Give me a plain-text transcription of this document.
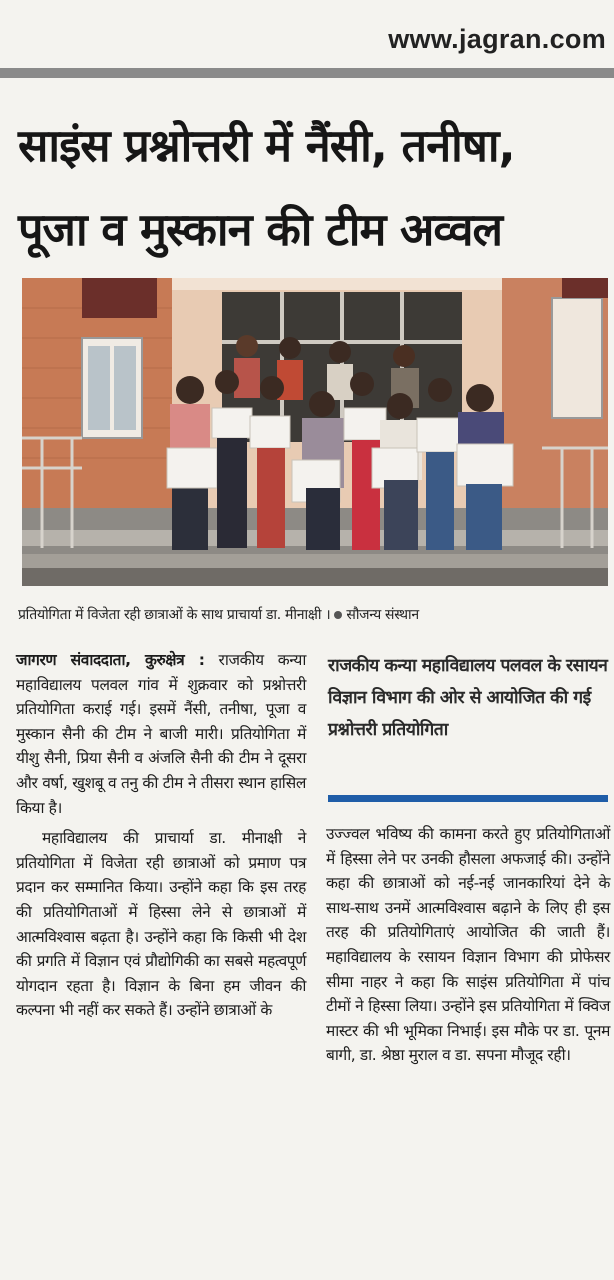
www.jagran.com
साइंस प्रश्नोत्तरी में नैंसी, तनीषा,
पूजा व मुस्कान की टीम अव्वल
प्रतियोगिता में विजेता रही छात्राओं के साथ प्राचार्या डा. मीनाक्षी । सौजन्य संस्थान

जागरण संवाददाता, कुरुक्षेत्र : राजकीय कन्या महाविद्यालय पलवल गांव में शुक्रवार को प्रश्नोत्तरी प्रतियोगिता कराई गई। इसमें नैंसी, तनीषा, पूजा व मुस्कान सैनी की टीम ने बाजी मारी। प्रतियोगिता में यीशु सैनी, प्रिया सैनी व अंजलि सैनी की टीम ने दूसरा और वर्षा, खुशबू व तनु की टीम ने तीसरा स्थान हासिल किया है।

महाविद्यालय की प्राचार्या डा. मीनाक्षी ने प्रतियोगिता में विजेता रही छात्राओं को प्रमाण पत्र प्रदान कर सम्मानित किया। उन्होंने कहा कि इस तरह की प्रतियोगिताओं में हिस्सा लेने से छात्राओं में आत्मविश्वास बढ़ता है। उन्होंने कहा कि किसी भी देश की प्रगति में विज्ञान एवं प्रौद्योगिकी का सबसे महत्वपूर्ण योगदान रहता है। विज्ञान के बिना हम जीवन की कल्पना भी नहीं कर सकते हैं। उन्होंने छात्राओं के

राजकीय कन्या महाविद्यालय पलवल के रसायन विज्ञान विभाग की ओर से आयोजित की गई प्रश्नोत्तरी प्रतियोगिता

उज्ज्वल भविष्य की कामना करते हुए प्रतियोगिताओं में हिस्सा लेने पर उनकी हौसला अफजाई की। उन्होंने कहा की छात्राओं को नई-नई जानकारियां देने के साथ-साथ उनमें आत्मविश्वास बढ़ाने के लिए ही इस तरह की प्रतियोगिताएं आयोजित की जाती हैं। महाविद्यालय के रसायन विज्ञान विभाग की प्रोफेसर सीमा नाहर ने कहा कि साइंस प्रतियोगिता में पांच टीमों ने हिस्सा लिया। उन्होंने इस प्रतियोगिता में क्विज मास्टर की भी भूमिका निभाई। इस मौके पर डा. पूनम बागी, डा. श्रेष्ठा मुराल व डा. सपना मौजूद रही।
